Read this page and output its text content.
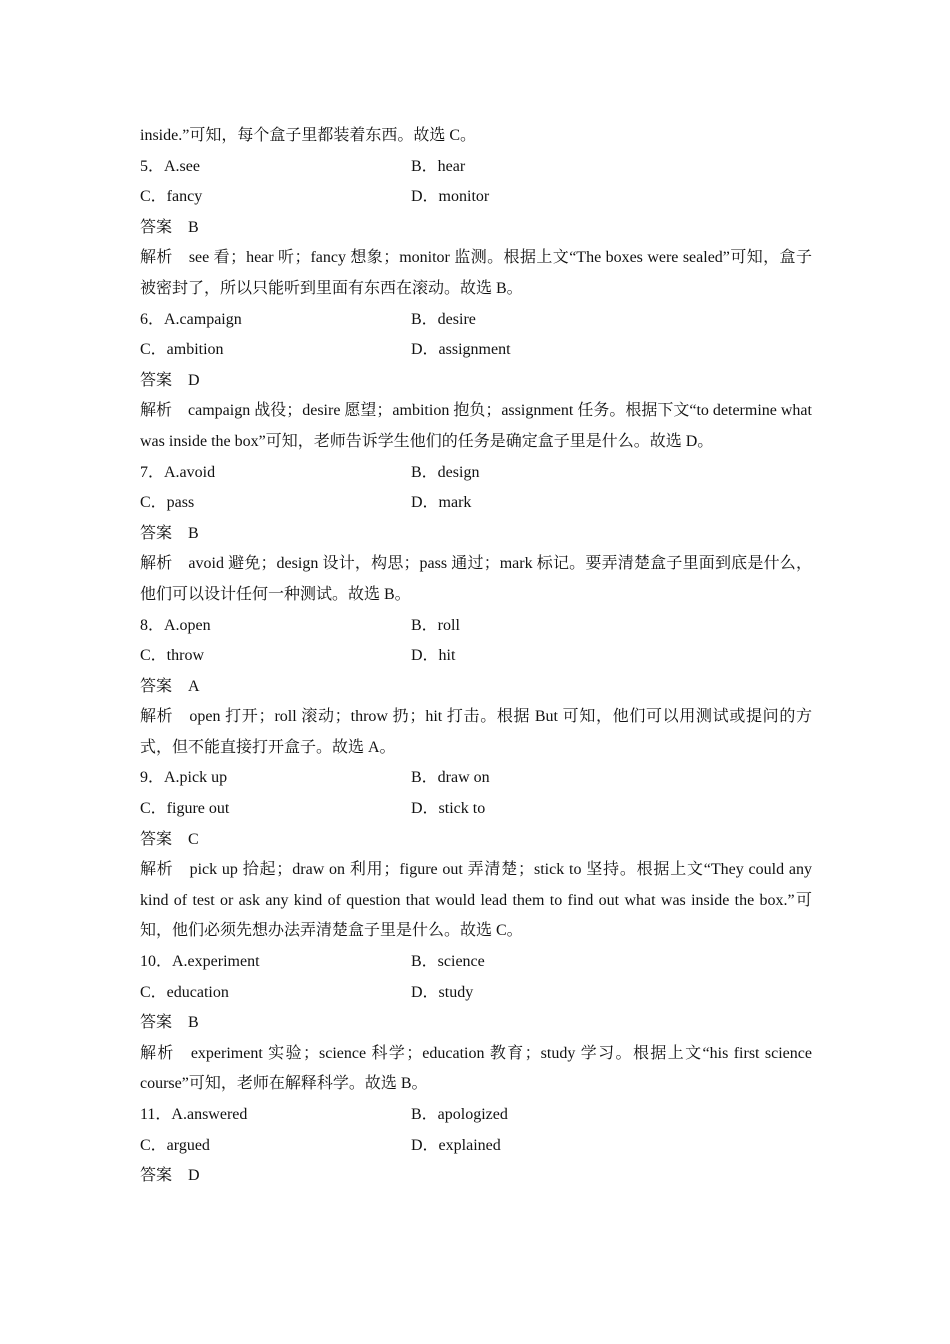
inside.”可知，每个盒子里都装着东西。故选 C。
5．A.see	B．hear
C．fancy	D．monitor
答案 B
解析 see 看；hear 听；fancy 想象；monitor 监测。根据上文“The boxes were sealed”可知，盒子被密封了，所以只能听到里面有东西在滚动。故选 B。
6．A.campaign	B．desire
C．ambition	D．assignment
答案 D
解析 campaign 战役；desire 愿望；ambition 抱负；assignment 任务。根据下文“to determine what was inside the box”可知，老师告诉学生他们的任务是确定盒子里是什么。故选 D。
7．A.avoid	B．design
C．pass	D．mark
答案 B
解析 avoid 避免；design 设计，构思；pass 通过；mark 标记。要弄清楚盒子里面到底是什么，他们可以设计任何一种测试。故选 B。
8．A.open	B．roll
C．throw	D．hit
答案 A
解析 open 打开；roll 滚动；throw 扔；hit 打击。根据 But 可知，他们可以用测试或提问的方式，但不能直接打开盒子。故选 A。
9．A.pick up	B．draw on
C．figure out	D．stick to
答案 C
解析 pick up 拾起；draw on 利用；figure out 弄清楚；stick to 坚持。根据上文“They could any kind of test or ask any kind of question that would lead them to find out what was inside the box.”可知，他们必须先想办法弄清楚盒子里是什么。故选 C。
10．A.experiment	B．science
C．education	D．study
答案 B
解析 experiment 实验；science 科学；education 教育；study 学习。根据上文“his first science course”可知，老师在解释科学。故选 B。
11．A.answered	B．apologized
C．argued	D．explained
答案 D
